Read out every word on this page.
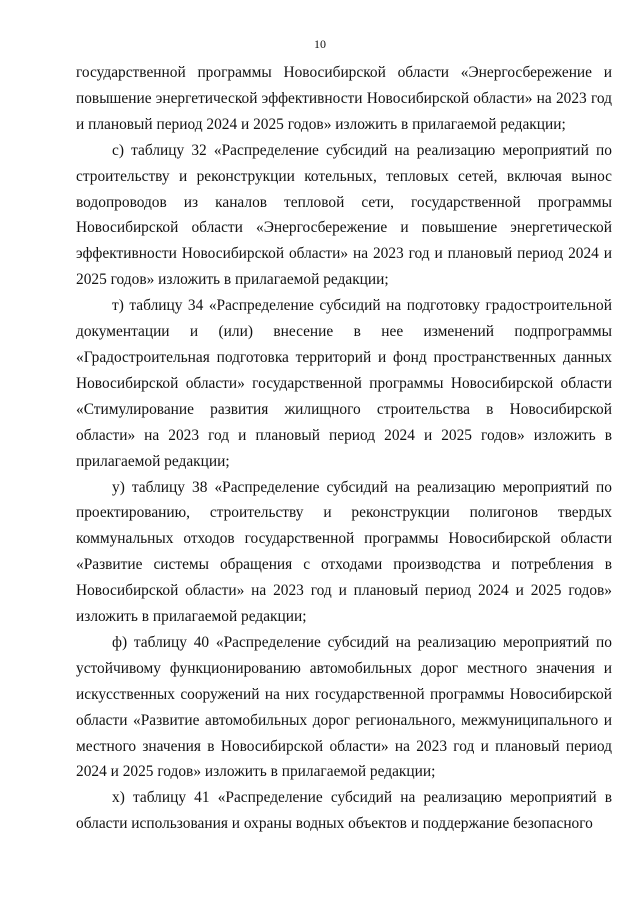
10

государственной программы Новосибирской области «Энергосбережение и повышение энергетической эффективности Новосибирской области» на 2023 год и плановый период 2024 и 2025 годов» изложить в прилагаемой редакции;

с) таблицу 32 «Распределение субсидий на реализацию мероприятий по строительству и реконструкции котельных, тепловых сетей, включая вынос водопроводов из каналов тепловой сети, государственной программы Новосибирской области «Энергосбережение и повышение энергетической эффективности Новосибирской области» на 2023 год и плановый период 2024 и 2025 годов» изложить в прилагаемой редакции;

т) таблицу 34 «Распределение субсидий на подготовку градостроительной документации и (или) внесение в нее изменений подпрограммы «Градостроительная подготовка территорий и фонд пространственных данных Новосибирской области» государственной программы Новосибирской области «Стимулирование развития жилищного строительства в Новосибирской области» на 2023 год и плановый период 2024 и 2025 годов» изложить в прилагаемой редакции;

у) таблицу 38 «Распределение субсидий на реализацию мероприятий по проектированию, строительству и реконструкции полигонов твердых коммунальных отходов государственной программы Новосибирской области «Развитие системы обращения с отходами производства и потребления в Новосибирской области» на 2023 год и плановый период 2024 и 2025 годов» изложить в прилагаемой редакции;

ф) таблицу 40 «Распределение субсидий на реализацию мероприятий по устойчивому функционированию автомобильных дорог местного значения и искусственных сооружений на них государственной программы Новосибирской области «Развитие автомобильных дорог регионального, межмуниципального и местного значения в Новосибирской области» на 2023 год и плановый период 2024 и 2025 годов» изложить в прилагаемой редакции;

х) таблицу 41 «Распределение субсидий на реализацию мероприятий в области использования и охраны водных объектов и поддержание безопасного
